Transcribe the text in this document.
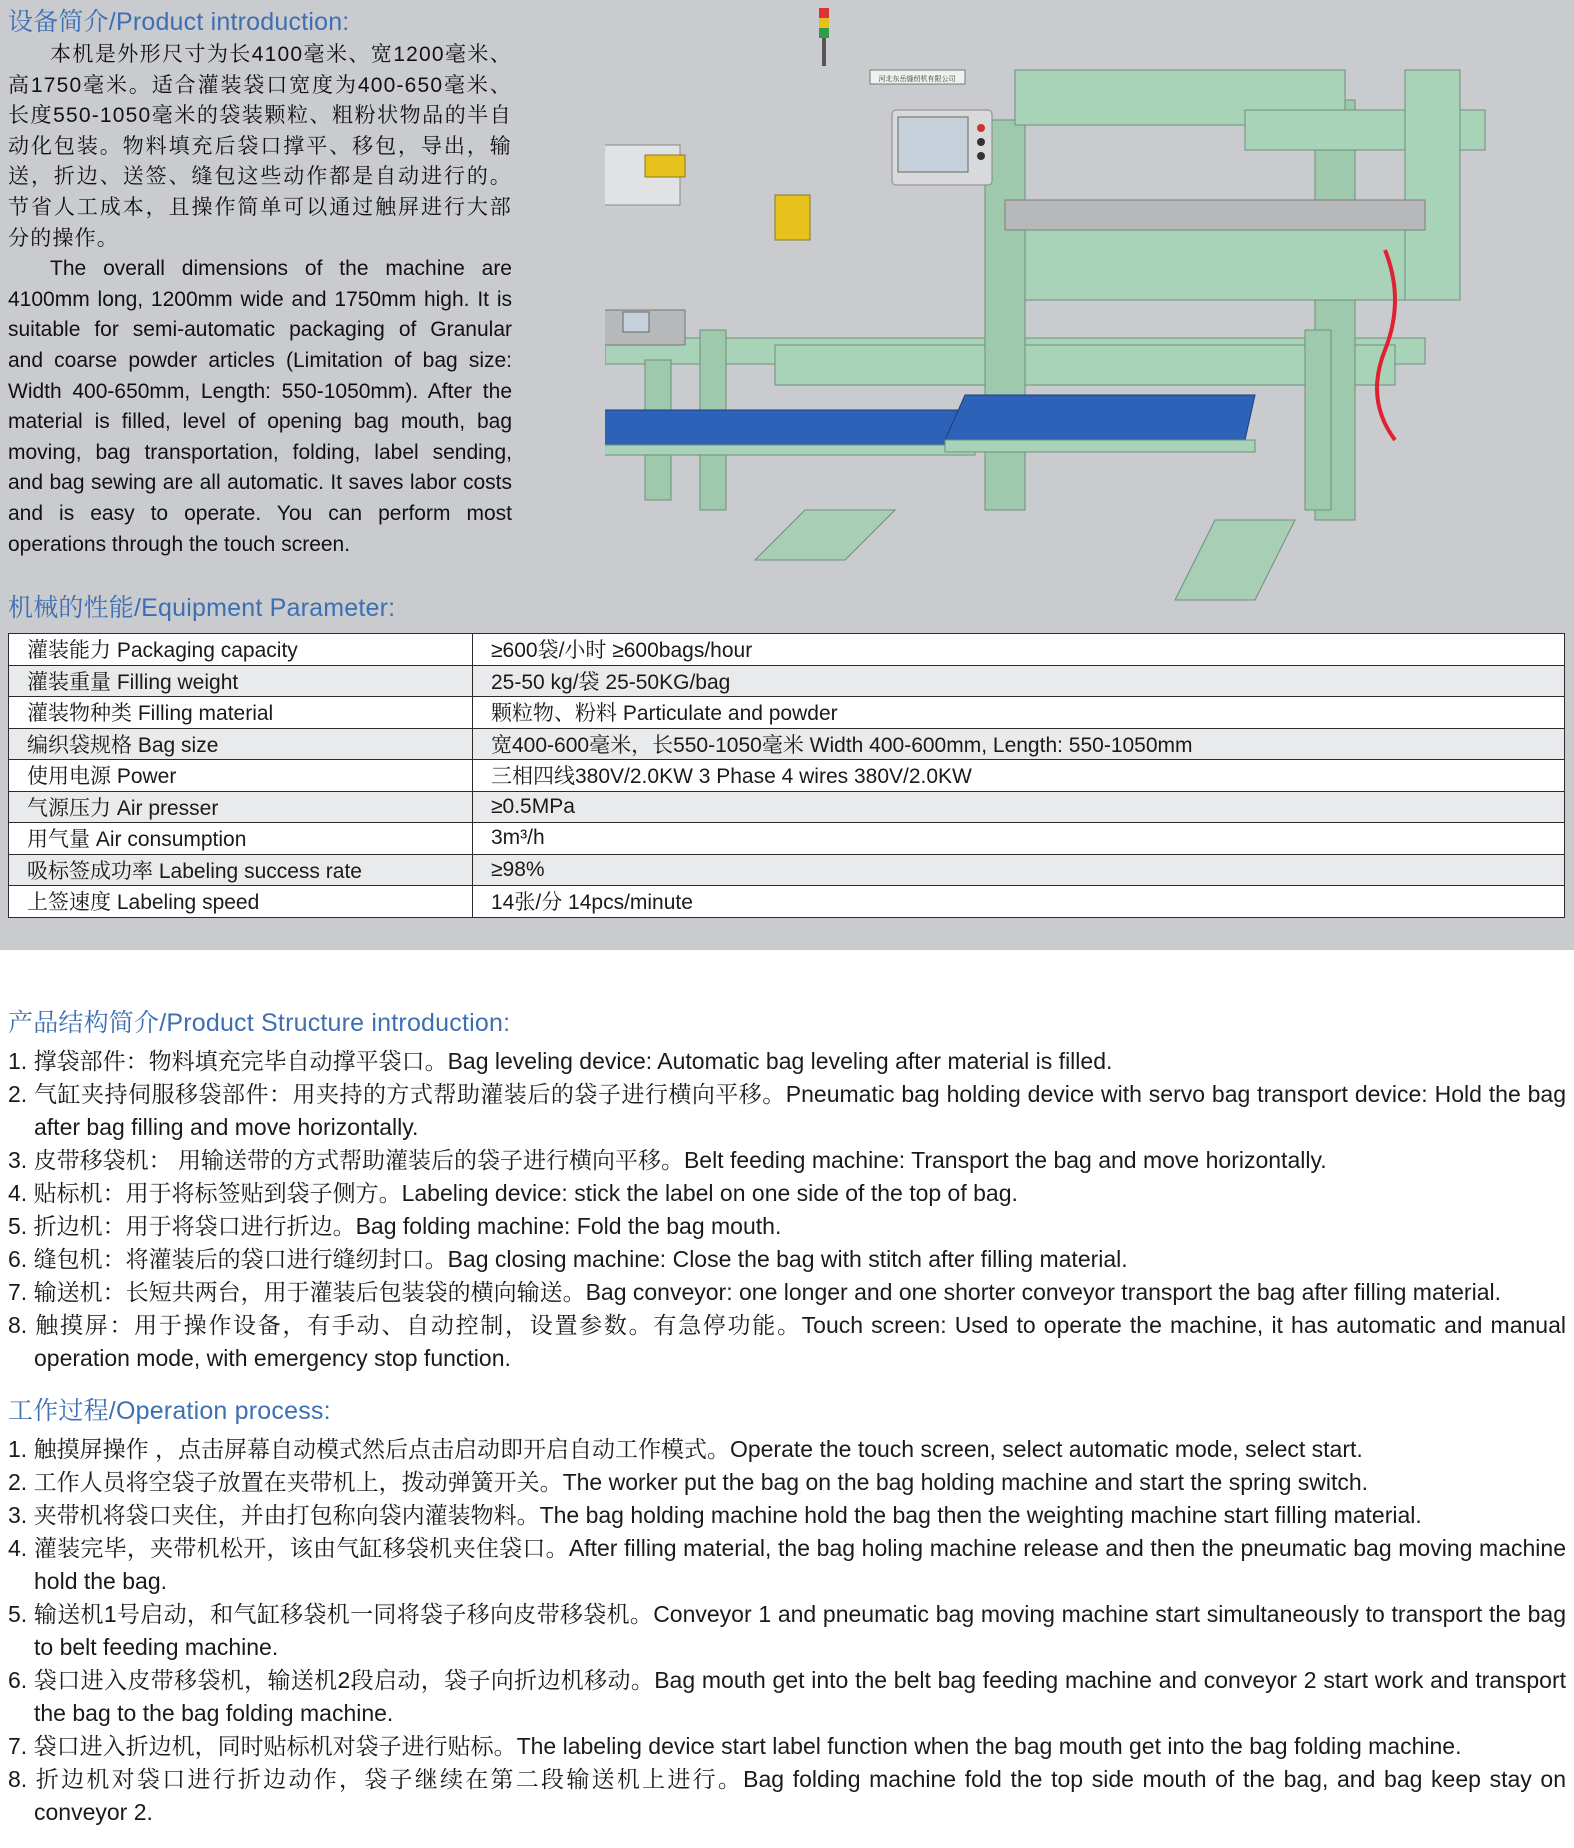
设备简介/Product introduction:

本机是外形尺寸为长4100毫米、宽1200毫米、高1750毫米。适合灌装袋口宽度为400-650毫米、长度550-1050毫米的袋装颗粒、粗粉状物品的半自动化包装。物料填充后袋口撑平、移包，导出，输送，折边、送签、缝包这些动作都是自动进行的。节省人工成本，且操作简单可以通过触屏进行大部分的操作。

The overall dimensions of the machine are 4100mm long, 1200mm wide and 1750mm high. It is suitable for semi-automatic packaging of Granular and coarse powder articles (Limitation of bag size: Width 400-650mm, Length: 550-1050mm). After the material is filled, level of opening bag mouth, bag moving, bag transportation, folding, label sending, and bag sewing are all automatic. It saves labor costs and is easy to operate. You can perform most operations through the touch screen.

河北东岳缝纫机有限公司
机械的性能/Equipment Parameter:
灌装能力 Packaging capacity	≥600袋/小时 ≥600bags/hour
灌装重量 Filling weight	25-50 kg/袋 25-50KG/bag
灌装物种类 Filling material	颗粒物、粉料 Particulate and powder
编织袋规格 Bag size	宽400-600毫米，长550-1050毫米 Width 400-600mm, Length: 550-1050mm
使用电源 Power	三相四线380V/2.0KW 3 Phase 4 wires 380V/2.0KW
气源压力 Air presser	≥0.5MPa
用气量 Air consumption	3m³/h
吸标签成功率 Labeling success rate	≥98%
上签速度 Labeling speed	14张/分 14pcs/minute
产品结构简介/Product Structure introduction:
1. 撑袋部件：物料填充完毕自动撑平袋口。Bag leveling device: Automatic bag leveling after material is filled.
2. 气缸夹持伺服移袋部件：用夹持的方式帮助灌装后的袋子进行横向平移。Pneumatic bag holding device with servo bag transport device: Hold the bag after bag filling and move horizontally.
3. 皮带移袋机： 用输送带的方式帮助灌装后的袋子进行横向平移。Belt feeding machine: Transport the bag and move horizontally.
4. 贴标机：用于将标签贴到袋子侧方。Labeling device: stick the label on one side of the top of bag.
5. 折边机：用于将袋口进行折边。Bag folding machine: Fold the bag mouth.
6. 缝包机：将灌装后的袋口进行缝纫封口。Bag closing machine: Close the bag with stitch after filling material.
7. 输送机：长短共两台，用于灌装后包装袋的横向输送。Bag conveyor: one longer and one shorter conveyor transport the bag after filling material.
8. 触摸屏：用于操作设备，有手动、自动控制，设置参数。有急停功能。Touch screen: Used to operate the machine, it has automatic and manual operation mode, with emergency stop function.
工作过程/Operation process:
1. 触摸屏操作 ，点击屏幕自动模式然后点击启动即开启自动工作模式。Operate the touch screen, select automatic mode, select start.
2. 工作人员将空袋子放置在夹带机上，拨动弹簧开关。The worker put the bag on the bag holding machine and start the spring switch.
3. 夹带机将袋口夹住，并由打包称向袋内灌装物料。The bag holding machine hold the bag then the weighting machine start filling material.
4. 灌装完毕，夹带机松开，该由气缸移袋机夹住袋口。After filling material, the bag holing machine release and then the pneumatic bag moving machine hold the bag.
5. 输送机1号启动，和气缸移袋机一同将袋子移向皮带移袋机。Conveyor 1 and pneumatic bag moving machine start simultaneously to transport the bag to belt feeding machine.
6. 袋口进入皮带移袋机，输送机2段启动，袋子向折边机移动。Bag mouth get into the belt bag feeding machine and conveyor 2 start work and transport the bag to the bag folding machine.
7. 袋口进入折边机，同时贴标机对袋子进行贴标。The labeling device start label function when the bag mouth get into the bag folding machine.
8. 折边机对袋口进行折边动作，袋子继续在第二段输送机上进行。Bag folding machine fold the top side mouth of the bag, and bag keep stay on conveyor 2.
